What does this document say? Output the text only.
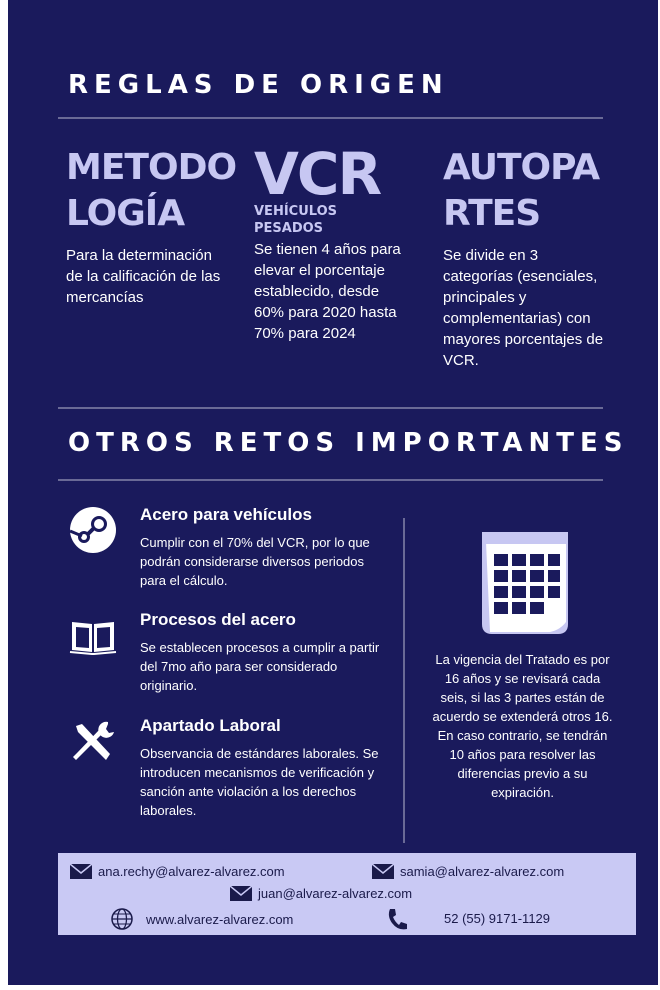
REGLAS DE ORIGEN

METODO
LOGÍA

Para la determinación de la calificación de las mercancías

VCR

VEHÍCULOS PESADOS

Se tienen 4 años para elevar el porcentaje establecido, desde 60% para 2020 hasta 70% para 2024

AUTOPA
RTES

Se divide en 3 categorías (esenciales, principales y complementarias) con mayores porcentajes de VCR.

OTROS RETOS IMPORTANTES

Acero para vehículos

Cumplir con el 70% del VCR, por lo que podrán considerarse diversos periodos para el cálculo.

Procesos del acero

Se establecen procesos a cumplir a partir del 7mo año para ser considerado originario.

Apartado Laboral

Observancia de estándares laborales. Se introducen mecanismos de verificación y sanción ante violación a los derechos laborales.

La vigencia del Tratado es por 16 años y se revisará cada seis, si las 3 partes están de acuerdo se extenderá otros 16. En caso contrario, se tendrán 10 años para resolver las diferencias previo a su expiración.

ana.rechy@alvarez-alvarez.com	samia@alvarez-alvarez.com
juan@alvarez-alvarez.com
www.alvarez-alvarez.com	52 (55) 9171-1129
